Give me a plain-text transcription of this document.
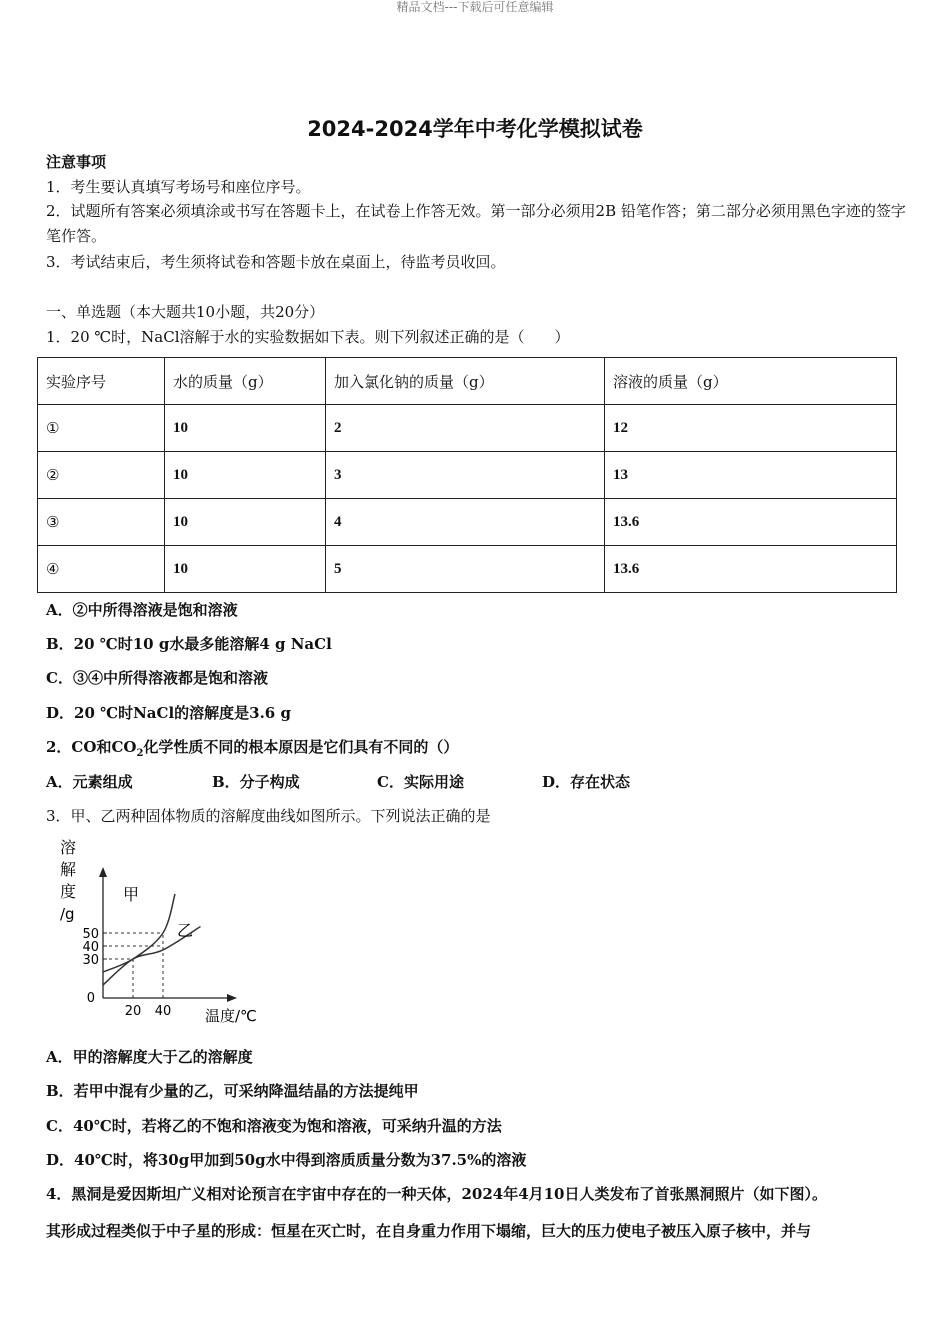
精品文档---下载后可任意编辑
2024-2024学年中考化学模拟试卷
注意事项
1．考生要认真填写考场号和座位序号。
2．试题所有答案必须填涂或书写在答题卡上，在试卷上作答无效。第一部分必须用2B 铅笔作答；第二部分必须用黑色字迹的签字笔作答。
3．考试结束后，考生须将试卷和答题卡放在桌面上，待监考员收回。
一、单选题（本大题共10小题，共20分）
1．20 ℃时，NaCl溶解于水的实验数据如下表。则下列叙述正确的是（　　）
实验序号	水的质量（g）	加入氯化钠的质量（g）	溶液的质量（g）
①	10	2	12
②	10	3	13
③	10	4	13.6
④	10	5	13.6
A．②中所得溶液是饱和溶液
B．20 ℃时10 g水最多能溶解4 g NaCl
C．③④中所得溶液都是饱和溶液
D．20 ℃时NaCl的溶解度是3.6 g
2．CO和$CO_2$化学性质不同的根本原因是它们具有不同的（）
A．元素组成	B．分子构成	C．实际用途	D．存在状态
3．甲、乙两种固体物质的溶解度曲线如图所示。下列说法正确的是
溶
解
度
/g
0
30
40
50
20 40
甲
乙
温度/℃
A．甲的溶解度大于乙的溶解度
B．若甲中混有少量的乙，可采纳降温结晶的方法提纯甲
C．40℃时，若将乙的不饱和溶液变为饱和溶液，可采纳升温的方法
D．40℃时，将30g甲加到50g水中得到溶质质量分数为37.5%的溶液
4．黑洞是爱因斯坦广义相对论预言在宇宙中存在的一种天体，2024年4月10日人类发布了首张黑洞照片（如下图）。
其形成过程类似于中子星的形成：恒星在灭亡时，在自身重力作用下塌缩，巨大的压力使电子被压入原子核中，并与
